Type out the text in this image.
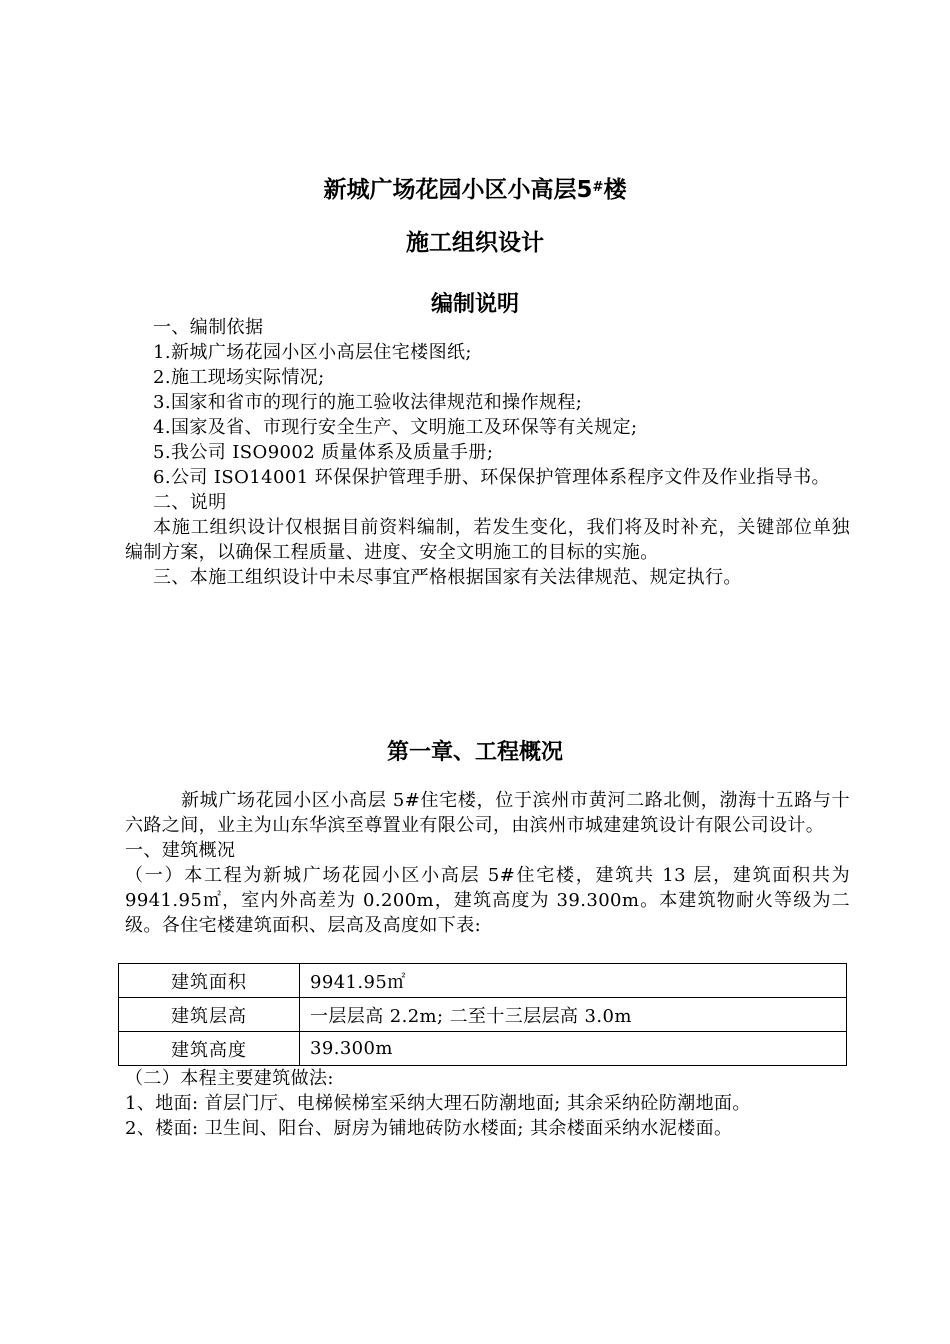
新城广场花园小区小高层5#楼
施工组织设计
编制说明

一、编制依据

1.新城广场花园小区小高层住宅楼图纸;

2.施工现场实际情况;

3.国家和省市的现行的施工验收法律规范和操作规程;

4.国家及省、市现行安全生产、文明施工及环保等有关规定;

5.我公司 ISO9002 质量体系及质量手册;

6.公司 ISO14001 环保保护管理手册、环保保护管理体系程序文件及作业指导书。

二、说明

本施工组织设计仅根据目前资料编制，若发生变化，我们将及时补充，关键部位单独编制方案，以确保工程质量、进度、安全文明施工的目标的实施。

三、本施工组织设计中未尽事宜严格根据国家有关法律规范、规定执行。

第一章、工程概况

新城广场花园小区小高层 5#住宅楼，位于滨州市黄河二路北侧，渤海十五路与十六路之间，业主为山东华滨至尊置业有限公司，由滨州市城建建筑设计有限公司设计。

一、建筑概况

（一）本工程为新城广场花园小区小高层 5#住宅楼，建筑共 13 层，建筑面积共为 9941.95㎡，室内外高差为 0.200m，建筑高度为 39.300m。本建筑物耐火等级为二级。各住宅楼建筑面积、层高及高度如下表:

建筑面积	9941.95㎡
建筑层高	一层层高 2.2m; 二至十三层层高 3.0m
建筑高度	39.300m

（二）本程主要建筑做法:

1、地面: 首层门厅、电梯候梯室采纳大理石防潮地面; 其余采纳砼防潮地面。

2、楼面: 卫生间、阳台、厨房为铺地砖防水楼面; 其余楼面采纳水泥楼面。
